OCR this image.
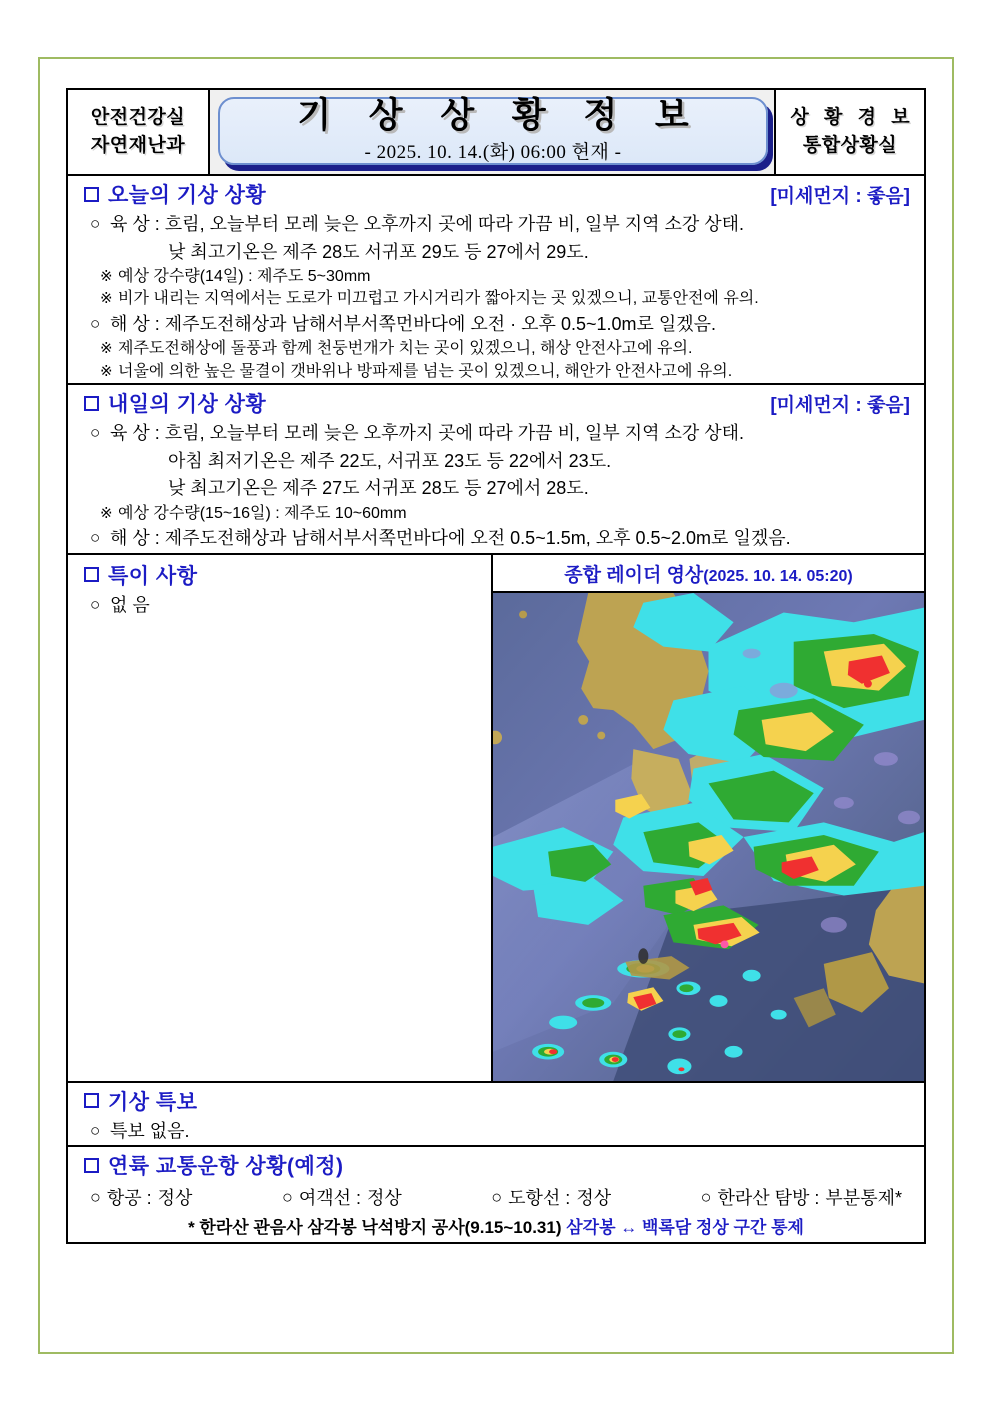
안전건강실
자연재난과
기 상 상 황 정 보
- 2025. 10. 14.(화) 06:00 현재 -
상 황 경 보
통합상황실
오늘의 기상 상황	[미세먼지 : 좋음]
○ 육 상 : 흐림, 오늘부터 모레 늦은 오후까지 곳에 따라 가끔 비, 일부 지역 소강 상태.
낮 최고기온은 제주 28도 서귀포 29도 등 27에서 29도.
※ 예상 강수량(14일) : 제주도 5~30mm
※ 비가 내리는 지역에서는 도로가 미끄럽고 가시거리가 짧아지는 곳 있겠으니, 교통안전에 유의.
○ 해 상 : 제주도전해상과 남해서부서쪽먼바다에 오전 · 오후 0.5~1.0m로 일겠음.
※ 제주도전해상에 돌풍과 함께 천둥번개가 치는 곳이 있겠으니, 해상 안전사고에 유의.
※ 너울에 의한 높은 물결이 갯바위나 방파제를 넘는 곳이 있겠으니, 해안가 안전사고에 유의.
내일의 기상 상황	[미세먼지 : 좋음]
○ 육 상 : 흐림, 오늘부터 모레 늦은 오후까지 곳에 따라 가끔 비, 일부 지역 소강 상태.
아침 최저기온은 제주 22도, 서귀포 23도 등 22에서 23도.
낮 최고기온은 제주 27도 서귀포 28도 등 27에서 28도.
※ 예상 강수량(15~16일) : 제주도 10~60mm
○ 해 상 : 제주도전해상과 남해서부서쪽먼바다에 오전 0.5~1.5m, 오후 0.5~2.0m로 일겠음.
특이 사항
○ 없 음
종합 레이더 영상(2025. 10. 14. 05:20)
기상 특보
○ 특보 없음.
연륙 교통운항 상황(예정)
○ 항공 : 정상	○ 여객선 : 정상	○ 도항선 : 정상	○ 한라산 탐방 : 부분통제*
* 한라산 관음사 삼각봉 낙석방지 공사(9.15~10.31) 삼각봉 ↔ 백록담 정상 구간 통제
